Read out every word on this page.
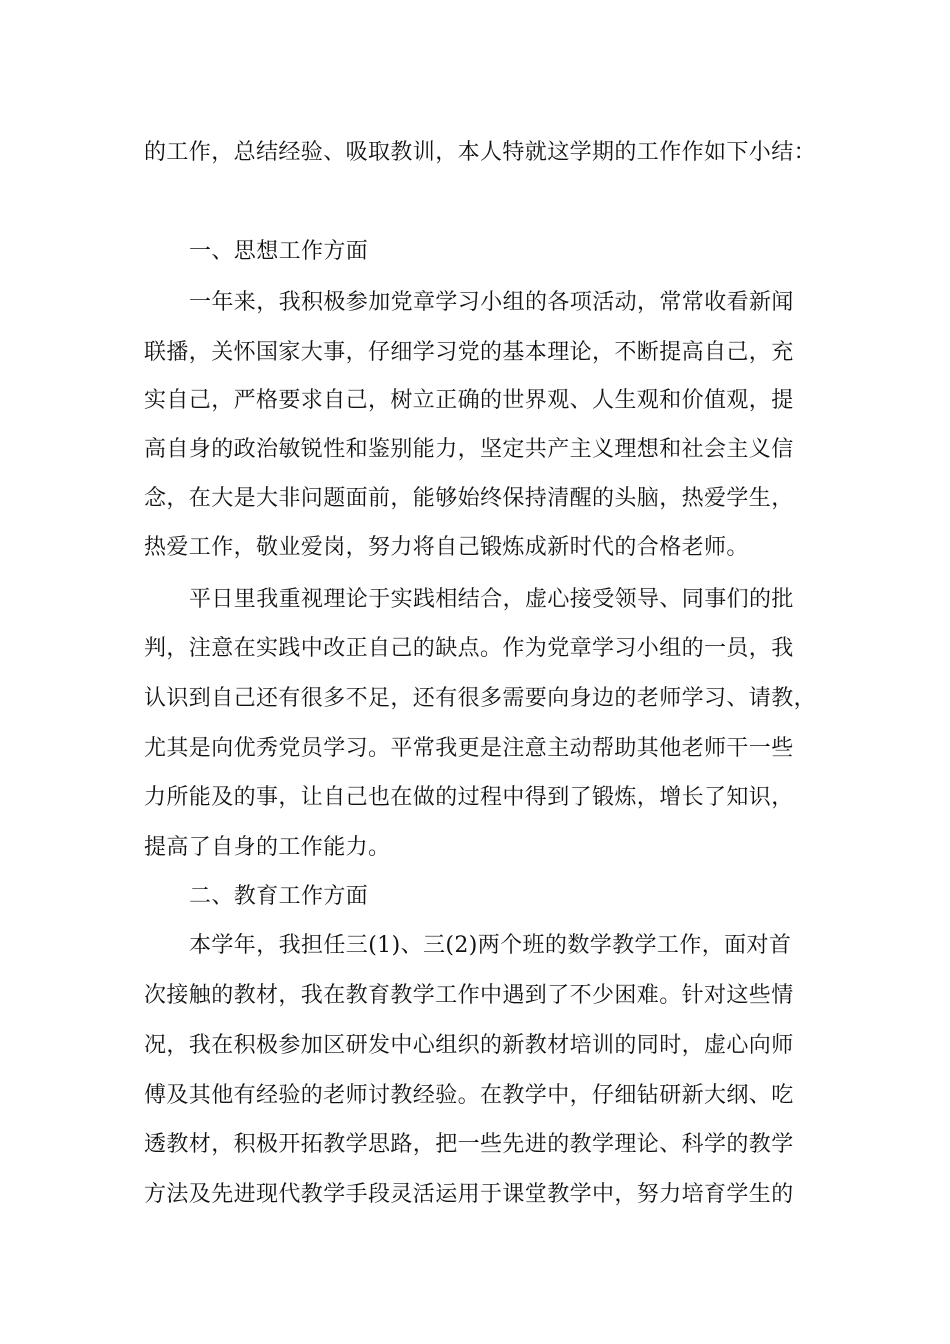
的工作，总结经验、吸取教训，本人特就这学期的工作作如下小结：
一、思想工作方面
一年来，我积极参加党章学习小组的各项活动，常常收看新闻
联播，关怀国家大事，仔细学习党的基本理论，不断提高自己，充
实自己，严格要求自己，树立正确的世界观、人生观和价值观，提
高自身的政治敏锐性和鉴别能力，坚定共产主义理想和社会主义信
念，在大是大非问题面前，能够始终保持清醒的头脑，热爱学生，
热爱工作，敬业爱岗，努力将自己锻炼成新时代的合格老师。
平日里我重视理论于实践相结合，虚心接受领导、同事们的批
判，注意在实践中改正自己的缺点。作为党章学习小组的一员，我
认识到自己还有很多不足，还有很多需要向身边的老师学习、请教，
尤其是向优秀党员学习。平常我更是注意主动帮助其他老师干一些
力所能及的事，让自己也在做的过程中得到了锻炼，增长了知识，
提高了自身的工作能力。
二、教育工作方面
本学年，我担任三(1)、三(2)两个班的数学教学工作，面对首
次接触的教材，我在教育教学工作中遇到了不少困难。针对这些情
况，我在积极参加区研发中心组织的新教材培训的同时，虚心向师
傅及其他有经验的老师讨教经验。在教学中，仔细钻研新大纲、吃
透教材，积极开拓教学思路，把一些先进的教学理论、科学的教学
方法及先进现代教学手段灵活运用于课堂教学中，努力培育学生的
